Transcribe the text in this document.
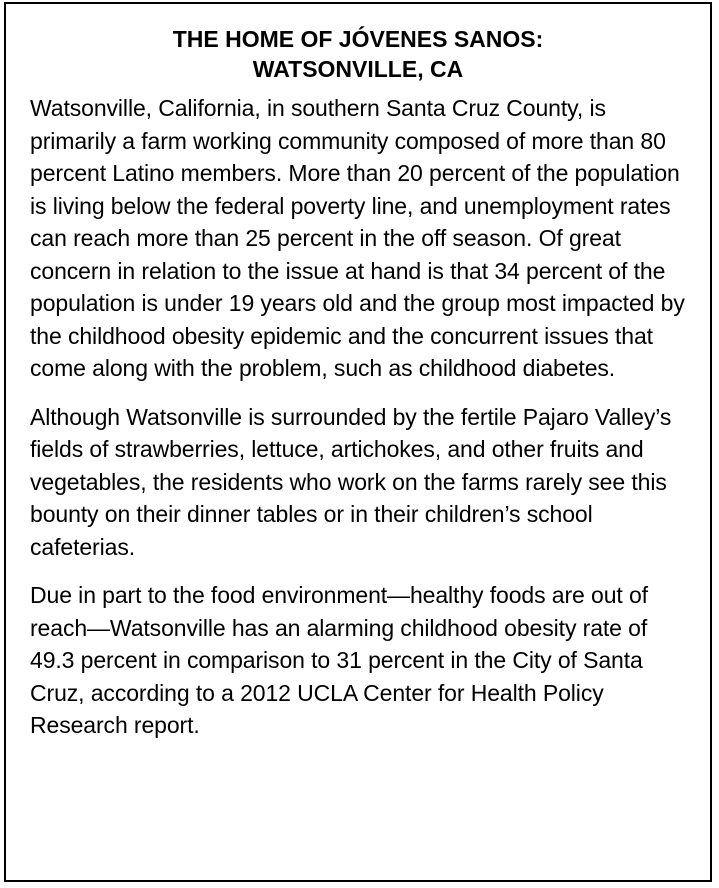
THE HOME OF JÓVENES SANOS:
WATSONVILLE, CA

Watsonville, California, in southern Santa Cruz County, is primarily a farm working community composed of more than 80 percent Latino members. More than 20 percent of the population is living below the federal poverty line, and unemployment rates can reach more than 25 percent in the off season. Of great concern in relation to the issue at hand is that 34 percent of the population is under 19 years old and the group most impacted by the childhood obesity epidemic and the concurrent issues that come along with the problem, such as childhood diabetes.

Although Watsonville is surrounded by the fertile Pajaro Valley’s fields of strawberries, lettuce, artichokes, and other fruits and vegetables, the residents who work on the farms rarely see this bounty on their dinner tables or in their children’s school cafeterias.

Due in part to the food environment—healthy foods are out of reach—Watsonville has an alarming childhood obesity rate of 49.3 percent in comparison to 31 percent in the City of Santa Cruz, according to a 2012 UCLA Center for Health Policy Research report.
